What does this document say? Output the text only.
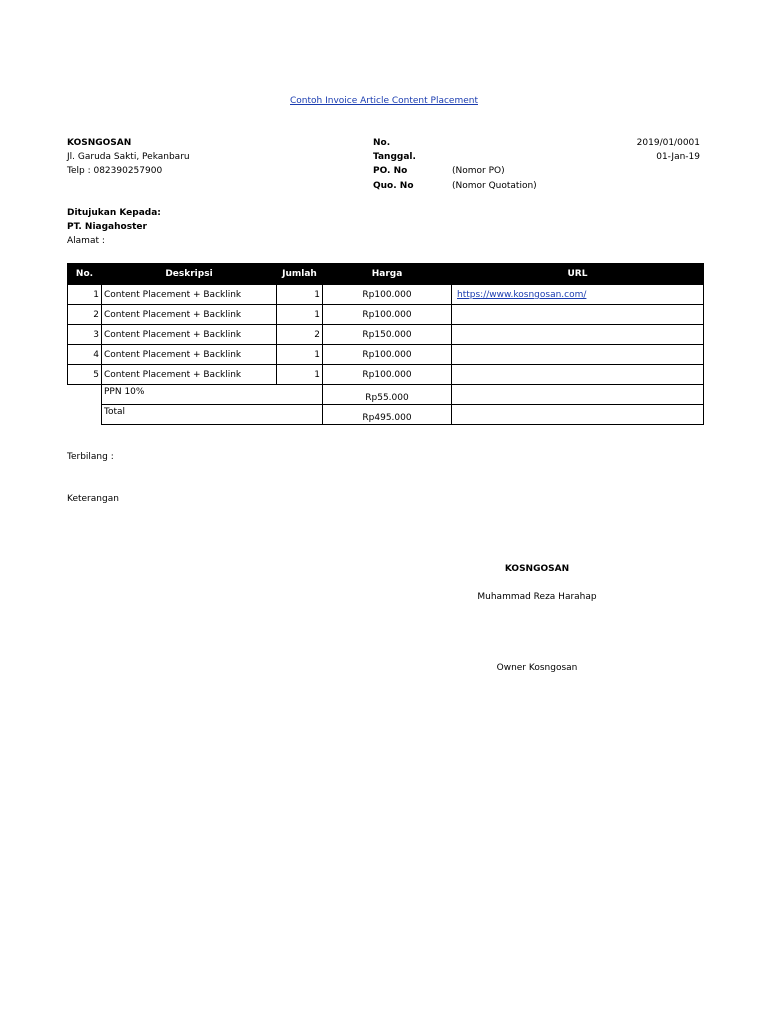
Contoh Invoice Article Content Placement
KOSNGOSAN
Jl. Garuda Sakti, Pekanbaru
Telp : 082390257900
No.	2019/01/0001
Tanggal.	01-Jan-19
PO. No	(Nomor PO)
Quo. No	(Nomor Quotation)
Ditujukan Kepada:
PT. Niagahoster
Alamat :
No.	Deskripsi	Jumlah	Harga	URL
1	Content Placement + Backlink	1	Rp100.000	https://www.kosngosan.com/
2	Content Placement + Backlink	1	Rp100.000	
3	Content Placement + Backlink	2	Rp150.000	
4	Content Placement + Backlink	1	Rp100.000	
5	Content Placement + Backlink	1	Rp100.000	
	PPN 10%		Rp55.000	
	Total		Rp495.000	
Terbilang :
Keterangan
KOSNGOSAN
Muhammad Reza Harahap
Owner Kosngosan
